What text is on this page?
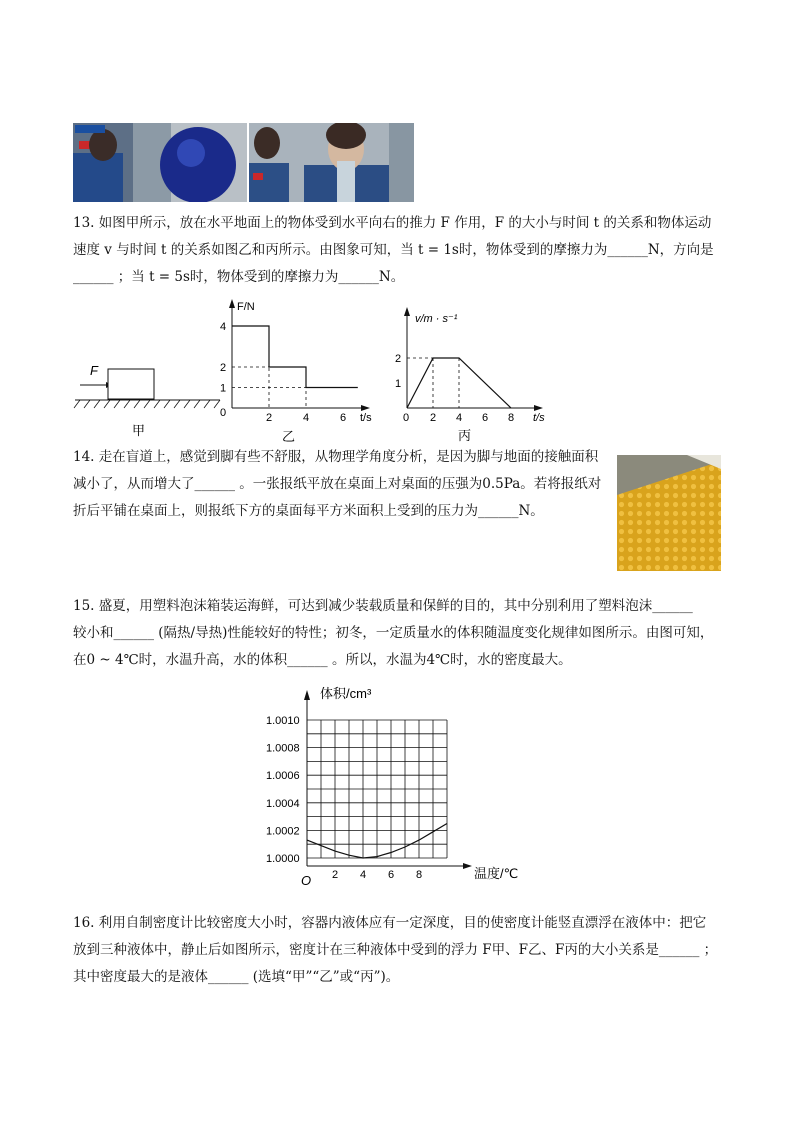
13. 如图甲所示，放在水平地面上的物体受到水平向右的推力 F 作用，F 的大小与时间 t 的关系和物体运动
速度 v 与时间 t 的关系如图乙和丙所示。由图象可知，当 t = 1s时，物体受到的摩擦力为______N，方向是
______ ；当 t = 5s时，物体受到的摩擦力为______N。
F
甲
F/N
t/s
0	2	4	6
1
2
4
乙
v/m · s⁻¹
t/s
0 2 4 6 8
1
2
丙
14. 走在盲道上，感觉到脚有些不舒服，从物理学角度分析，是因为脚与地面的接触面积
减小了，从而增大了______ 。一张报纸平放在桌面上对桌面的压强为0.5Pa。若将报纸对
折后平铺在桌面上，则报纸下方的桌面每平方米面积上受到的压力为______N。
15. 盛夏，用塑料泡沫箱装运海鲜，可达到减少装载质量和保鲜的目的，其中分别利用了塑料泡沫______
较小和______ (隔热/导热)性能较好的特性；初冬，一定质量水的体积随温度变化规律如图所示。由图可知，
在0 ~ 4℃时，水温升高，水的体积______ 。所以，水温为4℃时，水的密度最大。
体积/cm³
温度/℃
O
1.0010
1.0008
1.0006
1.0004
1.0002
1.0000
2 4 6 8
16. 利用自制密度计比较密度大小时，容器内液体应有一定深度，目的使密度计能竖直漂浮在液体中：把它
放到三种液体中，静止后如图所示，密度计在三种液体中受到的浮力 F甲、F乙、F丙的大小关系是______ ；
其中密度最大的是液体______ (选填“甲”“乙”或“丙”)。
